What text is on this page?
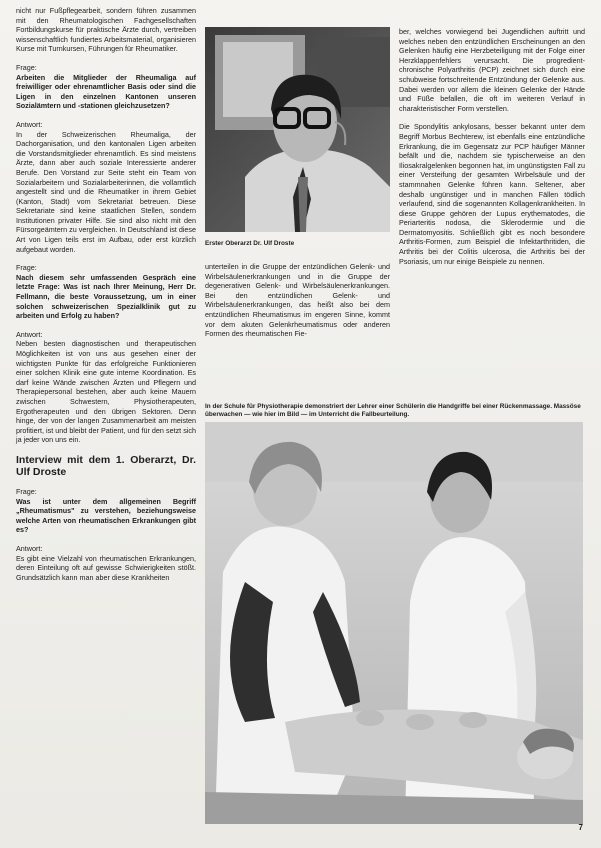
nicht nur Fußpflegearbeit, sondern führen zusammen mit den Rheumatologischen Fachgesellschaften Fortbildungskurse für praktische Ärzte durch, vertreiben wissenschaftlich fundiertes Arbeitsmaterial, organisieren Kurse mit Turnkursen, Führungen für Rheumatiker.

Frage:
Arbeiten die Mitglieder der Rheumaliga auf freiwilliger oder ehrenamtlicher Basis oder sind die Ligen in den einzelnen Kantonen unseren Sozialämtern und -stationen gleichzusetzen?

Antwort:
In der Schweizerischen Rheumaliga, der Dachorganisation, und den kantonalen Ligen arbeiten die Vorstandsmitglieder ehrenamtlich. Es sind meistens Ärzte, dann aber auch soziale Interessierte anderer Berufe. Den Vorstand zur Seite steht ein Team von Sozialarbeitern und Sozialarbeiterinnen, die vollamtlich angestellt sind und die Rheumatiker in ihrem Gebiet (Kanton, Stadt) vom Sekretariat betreuen. Diese Sekretariate sind keine staatlichen Stellen, sondern Institutionen privater Hilfe. Sie sind also nicht mit den Fürsorgeämtern zu vergleichen. In Deutschland ist diese Art von Ligen teils erst im Aufbau, oder erst kürzlich aufgebaut worden.

Frage:
Nach diesem sehr umfassenden Gespräch eine letzte Frage: Was ist nach Ihrer Meinung, Herr Dr. Fellmann, die beste Voraussetzung, um in einer solchen schweizerischen Spezialklinik gut zu arbeiten und Erfolg zu haben?

Antwort:
Neben besten diagnostischen und therapeutischen Möglichkeiten ist von uns aus gesehen einer der wichtigsten Punkte für das erfolgreiche Funktionieren einer solchen Klinik eine gute interne Koordination. Es darf keine Wände zwischen Ärzten und Pflegern und Therapiepersonal bestehen, aber auch keine Mauern zwischen Schwestern, Physiotherapeuten, Ergotherapeuten und den übrigen Sektoren. Denn hinge, der von der langen Zusammenarbeit am meisten profitiert, ist und bleibt der Patient, und für den setzt sich ja jeder von uns ein.

Interview mit dem 1. Oberarzt, Dr. Ulf Droste

Frage:
Was ist unter dem allgemeinen Begriff „Rheumatismus" zu verstehen, beziehungsweise welche Arten von rheumatischen Erkrankungen gibt es?

Antwort:
Es gibt eine Vielzahl von rheumatischen Erkrankungen, deren Einteilung oft auf gewisse Schwierigkeiten stößt. Grundsätzlich kann man aber diese Krankheiten

Erster Oberarzt Dr. Ulf Droste

unterteilen in die Gruppe der entzündlichen Gelenk- und Wirbelsäulenerkrankungen und in die Gruppe der degenerativen Gelenk- und Wirbelsäulenerkrankungen. Bei den entzündlichen Gelenk- und Wirbelsäulenerkrankungen, das heißt also bei dem entzündlichen Rheumatismus im engeren Sinne, kommt vor dem akuten Gelenkrheumatismus oder anderen Formen des rheumatischen Fie-

ber, welches vorwiegend bei Jugendlichen auftritt und welches neben den entzündlichen Erscheinungen an den Gelenken häufig eine Herzbeteiligung mit der Folge einer Herzklappenfehlers verursacht. Die progredient-chronische Polyarthritis (PCP) zeichnet sich durch eine schubweise fortschreitende Entzündung der Gelenke aus. Dabei werden vor allem die kleinen Gelenke der Hände und Füße befallen, die oft im weiteren Verlauf in charakteristischer Form verstellen.

Die Spondylitis ankylosans, besser bekannt unter dem Begriff Morbus Bechterew, ist ebenfalls eine entzündliche Erkrankung, die im Gegensatz zur PCP häufiger Männer befällt und die, nachdem sie typischerweise an den Iliosakralgelenken begonnen hat, im ungünstigsten Fall zu einer Versteifung der gesamten Wirbelsäule und der stammnahen Gelenke führen kann. Seltener, aber deshalb ungünstiger und in manchen Fällen tödlich verlaufend, sind die sogenannten Kollagenkrankheiten. In diese Gruppe gehören der Lupus erythematodes, die Periarteritis nodosa, die Sklerodermie und die Dermatomyositis. Schließlich gibt es noch besondere Arthritis-Formen, zum Beispiel die Infektarthritiden, die Arthritis bei der Colitis ulcerosa, die Arthritis bei der Psoriasis, um nur einige Beispiele zu nennen.

In der Schule für Physiotherapie demonstriert der Lehrer einer Schülerin die Handgriffe bei einer Rückenmassage. Massöse überwachen — wie hier im Bild — im Unterricht die Fallbeurteilung.
7
